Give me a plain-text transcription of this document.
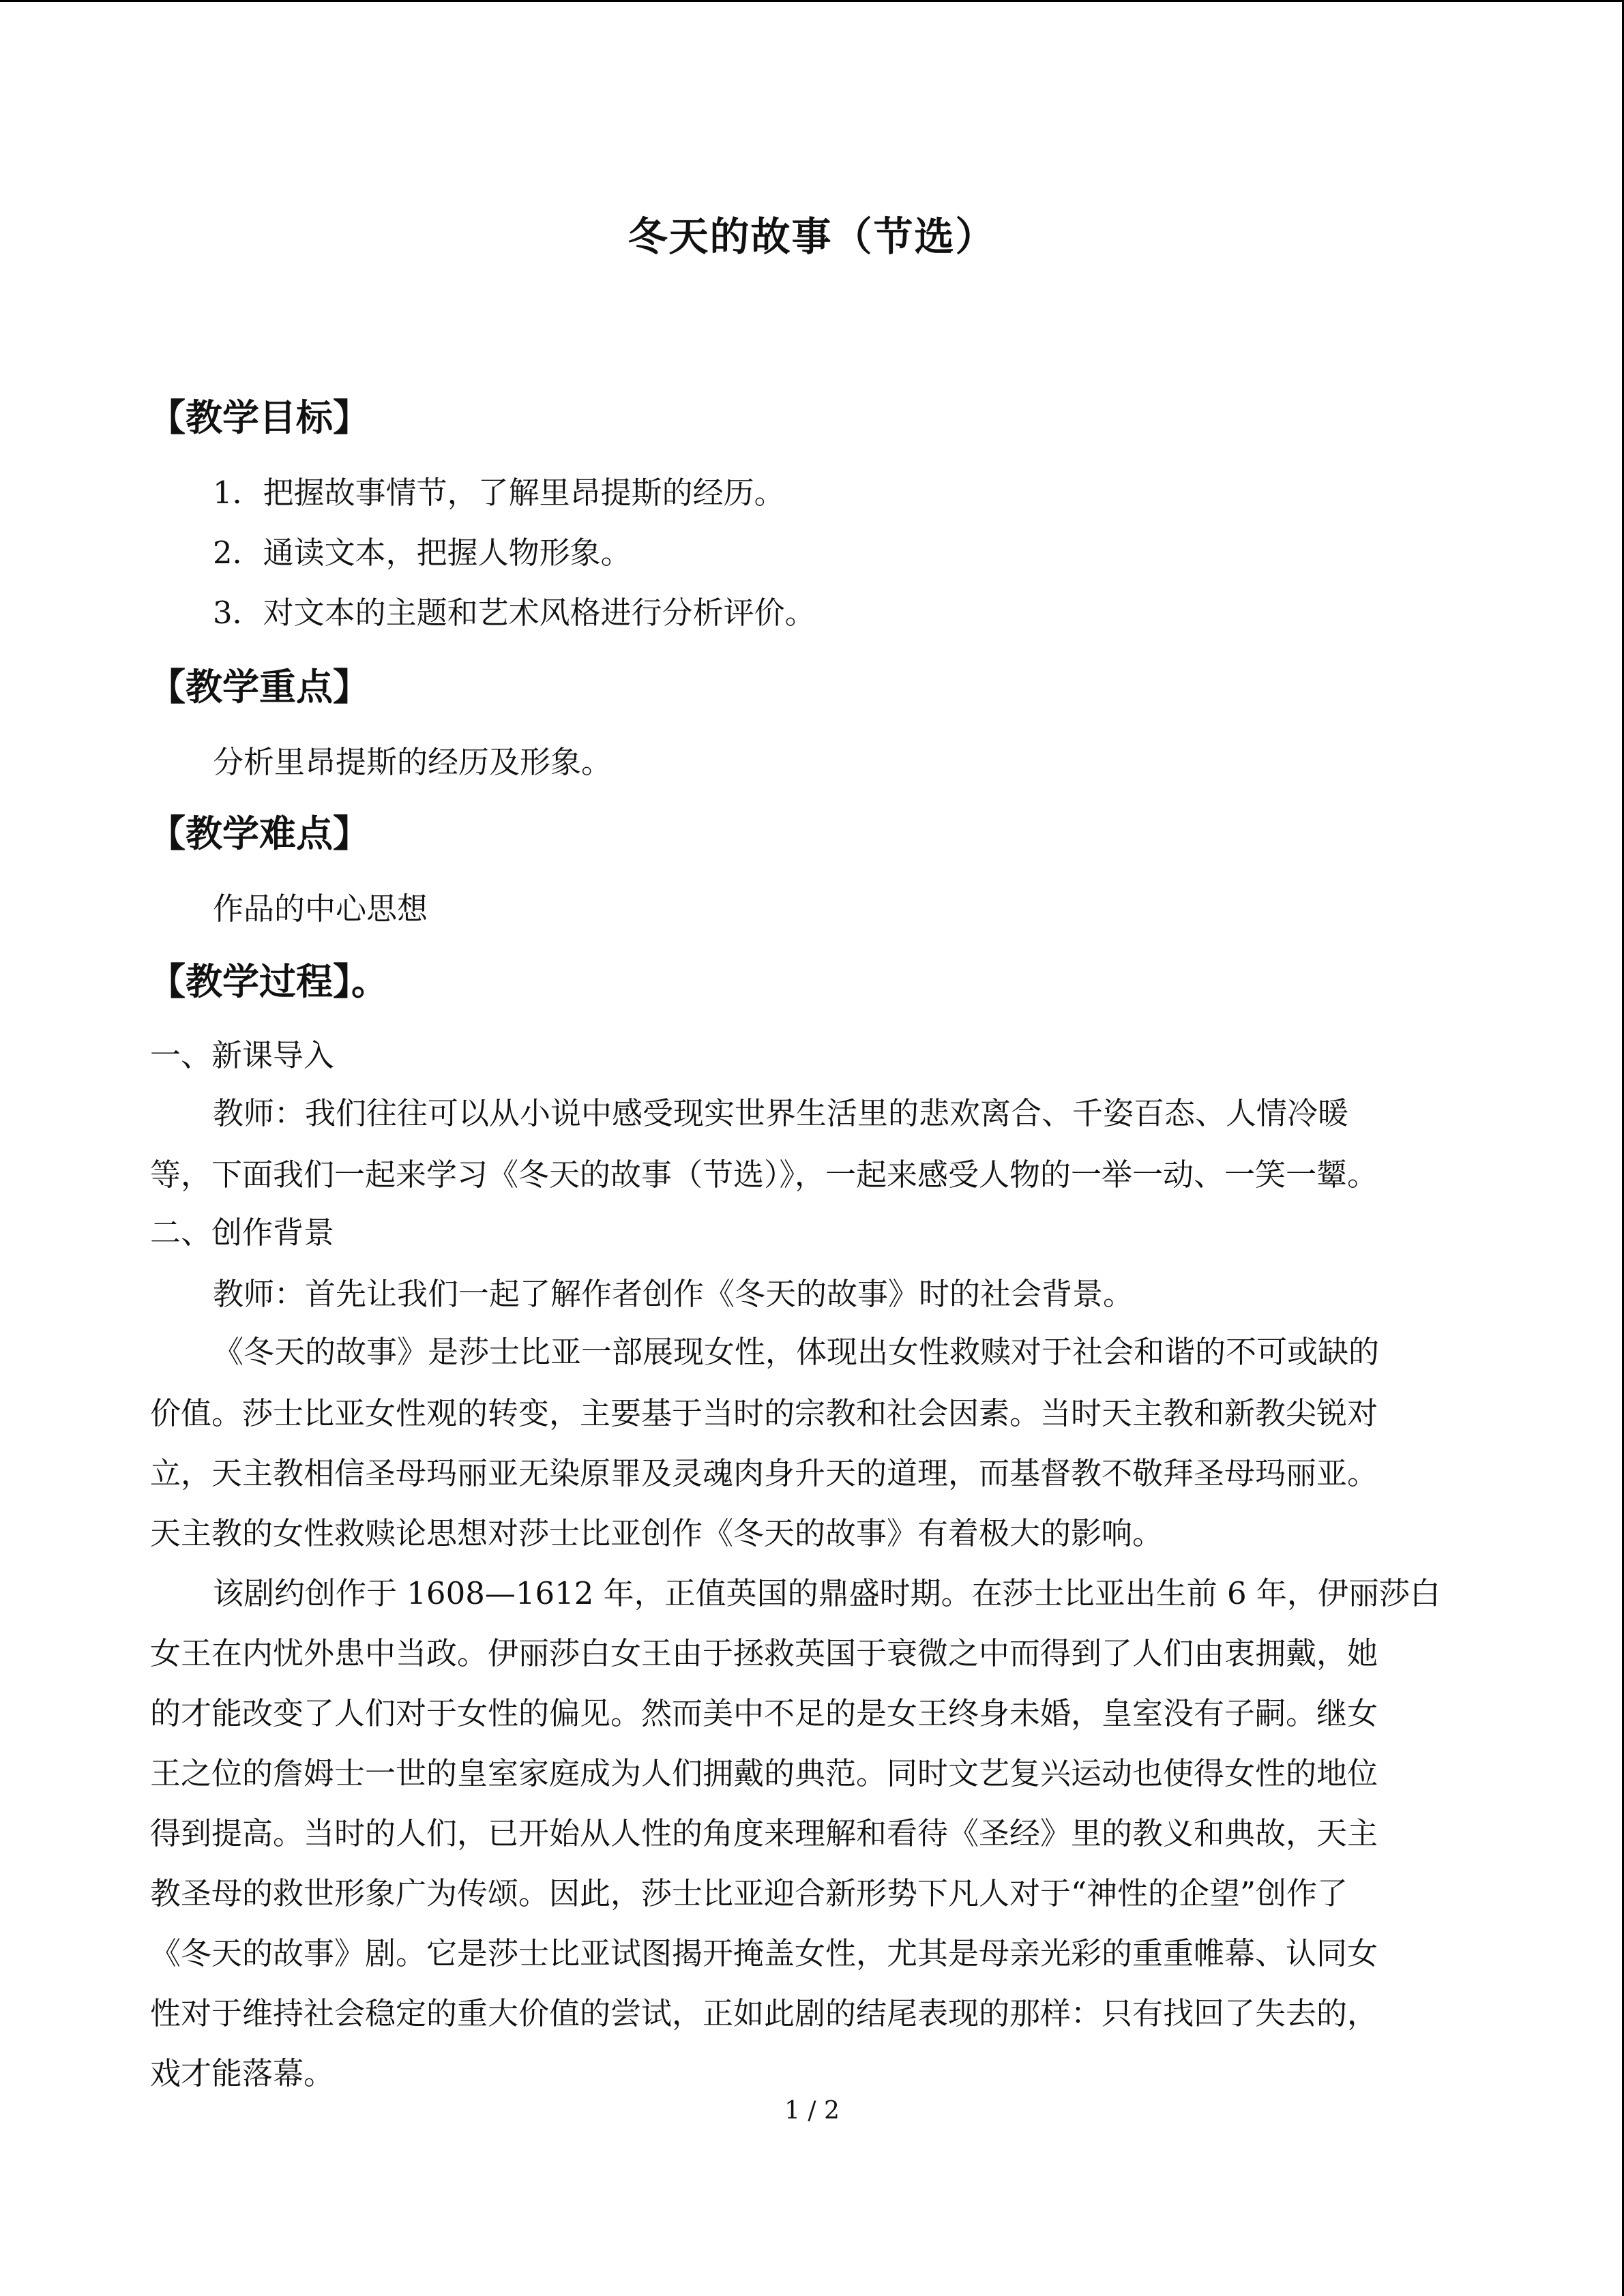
冬天的故事（节选）
【教学目标】
1．把握故事情节，了解里昂提斯的经历。
2．通读文本，把握人物形象。
3．对文本的主题和艺术风格进行分析评价。
【教学重点】
分析里昂提斯的经历及形象。
【教学难点】
作品的中心思想
【教学过程】。
一、新课导入
教师：我们往往可以从小说中感受现实世界生活里的悲欢离合、千姿百态、人情冷暖
等，下面我们一起来学习《冬天的故事（节选）》，一起来感受人物的一举一动、一笑一颦。
二、创作背景
教师：首先让我们一起了解作者创作《冬天的故事》时的社会背景。
《冬天的故事》是莎士比亚一部展现女性，体现出女性救赎对于社会和谐的不可或缺的
价值。莎士比亚女性观的转变，主要基于当时的宗教和社会因素。当时天主教和新教尖锐对
立，天主教相信圣母玛丽亚无染原罪及灵魂肉身升天的道理，而基督教不敬拜圣母玛丽亚。
天主教的女性救赎论思想对莎士比亚创作《冬天的故事》有着极大的影响。
该剧约创作于 1608—1612 年，正值英国的鼎盛时期。在莎士比亚出生前 6 年，伊丽莎白
女王在内忧外患中当政。伊丽莎白女王由于拯救英国于衰微之中而得到了人们由衷拥戴，她
的才能改变了人们对于女性的偏见。然而美中不足的是女王终身未婚，皇室没有子嗣。继女
王之位的詹姆士一世的皇室家庭成为人们拥戴的典范。同时文艺复兴运动也使得女性的地位
得到提高。当时的人们，已开始从人性的角度来理解和看待《圣经》里的教义和典故，天主
教圣母的救世形象广为传颂。因此，莎士比亚迎合新形势下凡人对于“神性的企望”创作了
《冬天的故事》剧。它是莎士比亚试图揭开掩盖女性，尤其是母亲光彩的重重帷幕、认同女
性对于维持社会稳定的重大价值的尝试，正如此剧的结尾表现的那样：只有找回了失去的，
戏才能落幕。
1 / 2
